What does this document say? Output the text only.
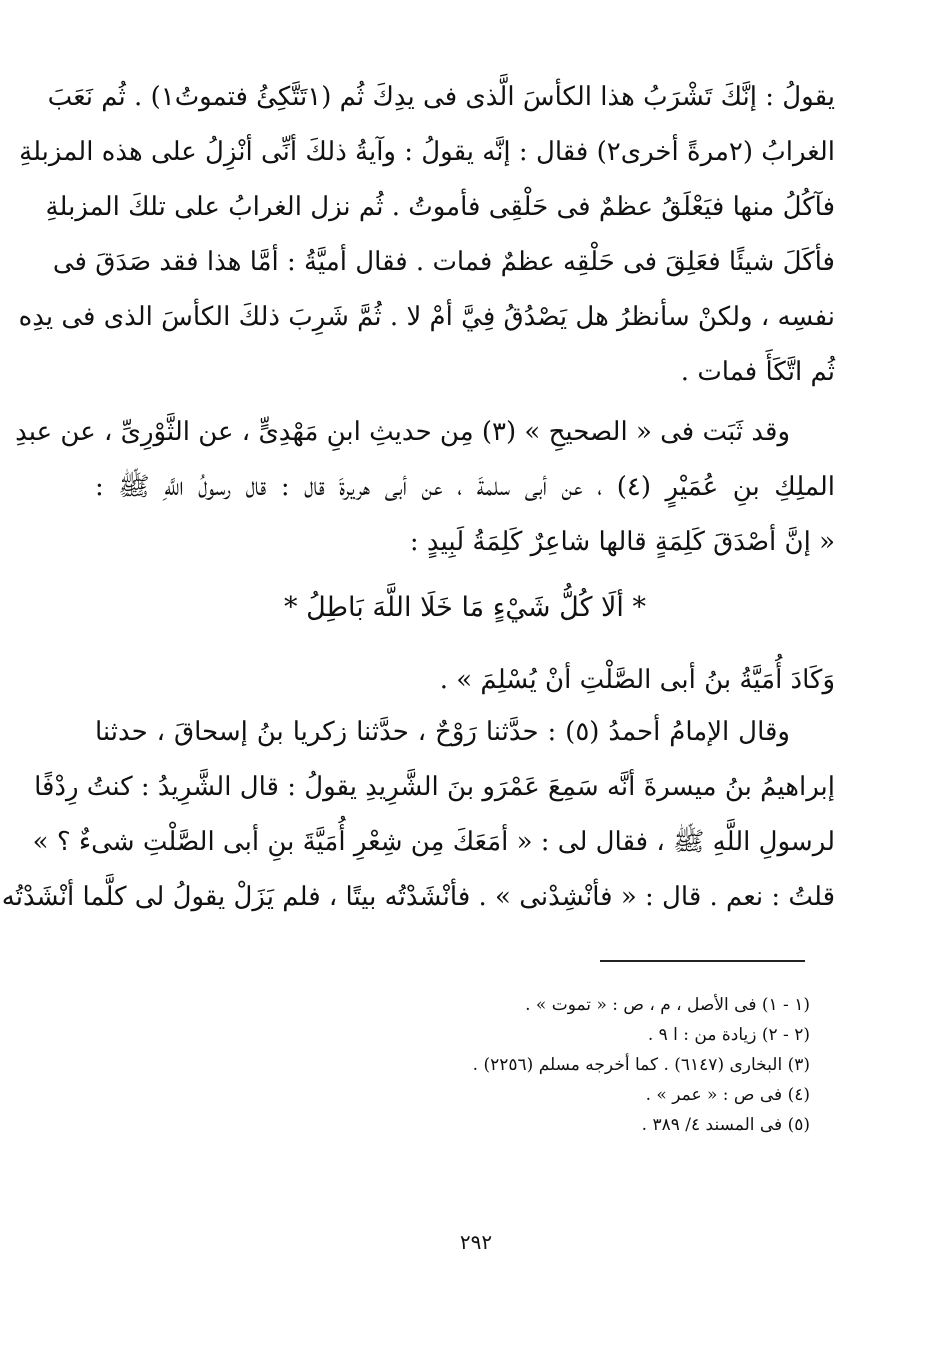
يقولُ : إنَّكَ تَشْرَبُ هذا الكأسَ الَّذى فى يدِكَ ثُم (١تَتَّكِئُ فتموتُ١) . ثُم نَعَبَ
الغرابُ (٢مرةً أخرى٢) فقال : إنَّه يقولُ : وآيةُ ذلكَ أنِّى أنْزِلُ على هذه المزبلةِ
فآكُلُ منها فيَعْلَقُ عظمٌ فى حَلْقِى فأموتُ . ثُم نزل الغرابُ على تلكَ المزبلةِ
فأكَلَ شيئًا فعَلِقَ فى حَلْقِه عظمٌ فمات . فقال أميَّةُ : أمَّا هذا فقد صَدَقَ فى
نفسِه ، ولكنْ سأنظرُ هل يَصْدُقُ فِيَّ أمْ لا . ثُمَّ شَرِبَ ذلكَ الكأسَ الذى فى يدِه
ثُم اتَّكَأَ فمات .
وقد ثَبَت فى « الصحيحِ » (٣) مِن حديثِ ابنِ مَهْدِىٍّ ، عن الثَّوْرِىِّ ، عن عبدِ
الملِكِ بنِ عُمَيْرٍ (٤) ، عن أبى سلمةَ ، عن أبى هريرةَ قال : قال رسولُ اللَّهِ ﷺ :
« إنَّ أصْدَقَ كَلِمَةٍ قالها شاعِرٌ كَلِمَةُ لَبِيدٍ :
* ألَا كُلُّ شَيْءٍ مَا خَلَا اللَّهَ بَاطِلُ *
وَكَادَ أُمَيَّةُ بنُ أبى الصَّلْتِ أنْ يُسْلِمَ » .
وقال الإمامُ أحمدُ (٥) : حدَّثنا رَوْحٌ ، حدَّثنا زكريا بنُ إسحاقَ ، حدثنا
إبراهيمُ بنُ ميسرةَ أنَّه سَمِعَ عَمْرَو بنَ الشَّرِيدِ يقولُ : قال الشَّرِيدُ : كنتُ رِدْفًا
لرسولِ اللَّهِ ﷺ ، فقال لى : « أمَعَكَ مِن شِعْرِ أُمَيَّةَ بنِ أبى الصَّلْتِ شىءٌ ؟ »
قلتُ : نعم . قال : « فأنْشِدْنى » . فأنْشَدْتُه بيتًا ، فلم يَزَلْ يقولُ لى كلَّما أنْشَدْتُه
(١ - ١) فى الأصل ، م ، ص : « تموت » .
(٢ - ٢) زيادة من : ا ٩ .
(٣) البخارى (٦١٤٧) . كما أخرجه مسلم (٢٢٥٦) .
(٤) فى ص : « عمر » .
(٥) فى المسند ٤/ ٣٨٩ .
٢٩٢
